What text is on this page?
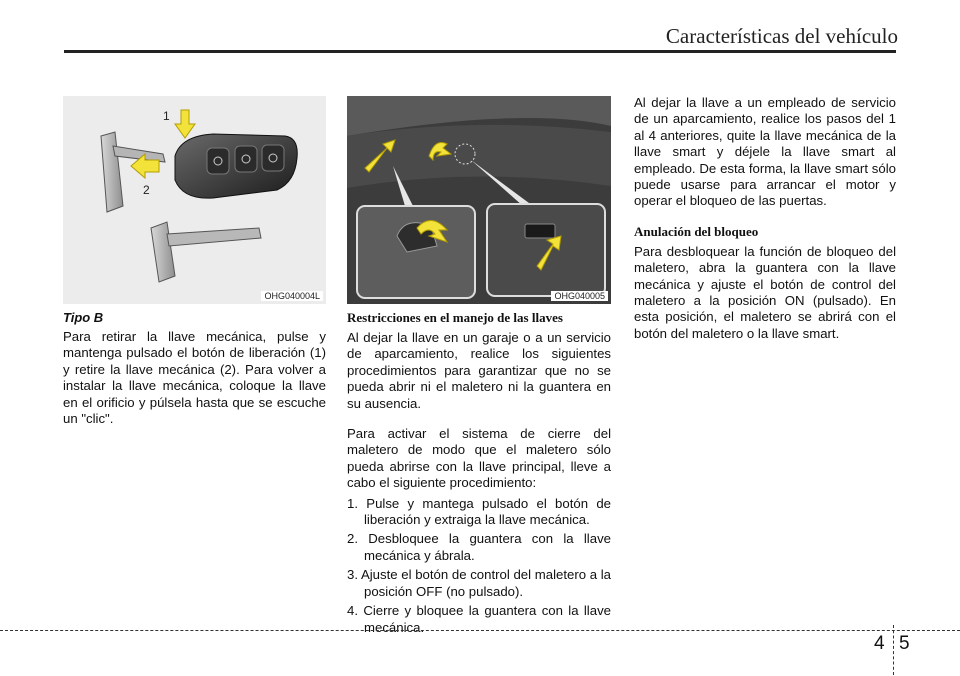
Características del vehículo
1
2
OHG040004L
Tipo B

Para retirar la llave mecánica, pulse y mantenga pulsado el botón de liberación (1) y retire la llave mecánica (2). Para volver a instalar la llave mecánica, coloque la llave en el orificio y púlsela hasta que se escuche un "clic".

OHG040005
Restricciones en el manejo de las llaves

Al dejar la llave en un garaje o a un servicio de aparcamiento, realice los siguientes procedimientos para garantizar que no se pueda abrir ni el maletero ni la guantera en su ausencia.

Para activar el sistema de cierre del maletero de modo que el maletero sólo pueda abrirse con la llave principal, lleve a cabo el siguiente procedimiento:

1. Pulse y mantega pulsado el botón de liberación y extraiga la llave mecánica.
2. Desbloquee la guantera con la llave mecánica y ábrala.
3. Ajuste el botón de control del maletero a la posición OFF (no pulsado).
4. Cierre y bloquee la guantera con la llave mecánica.

Al dejar la llave a un empleado de servicio de un aparcamiento, realice los pasos del 1 al 4 anteriores, quite la llave mecánica de la llave smart y déjele la llave smart al empleado. De esta forma, la llave smart sólo puede usarse para arrancar el motor y operar el bloqueo de las puertas.

Anulación del bloqueo

Para desbloquear la función de bloqueo del maletero, abra la guantera con la llave mecánica y ajuste el botón de control del maletero a la posición ON (pulsado). En esta posición, el maletero se abrirá con el botón del maletero o la llave smart.

4 5
